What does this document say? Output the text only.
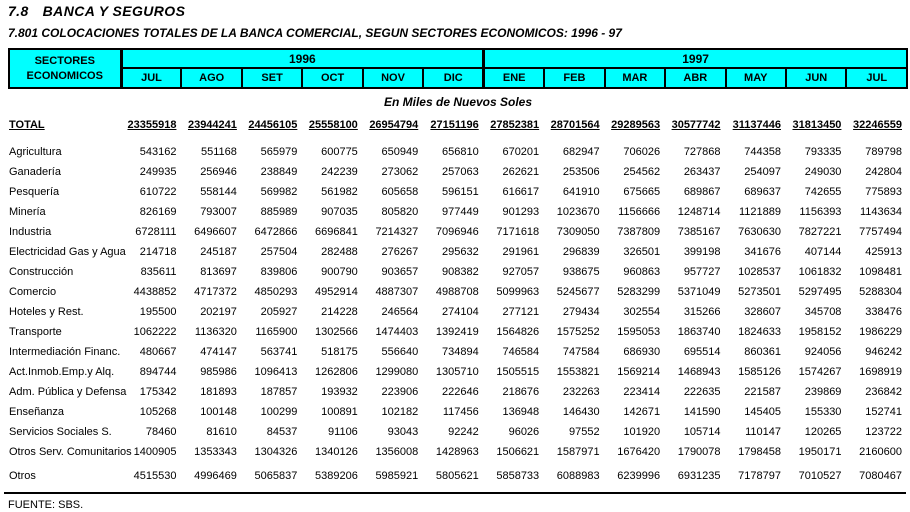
7.8 BANCA Y SEGUROS
7.801 COLOCACIONES TOTALES DE LA BANCA COMERCIAL, SEGUN SECTORES ECONOMICOS: 1996 - 97
SECTORES
ECONOMICOS	1996						1997						
	JUL	AGO	SET	OCT	NOV	DIC	ENE	FEB	MAR	ABR	MAY	JUN	JUL
En Miles de Nuevos Soles													
TOTAL	23355918	23944241	24456105	25558100	26954794	27151196	27852381	28701564	29289563	30577742	31137446	31813450	32246559
Agricultura	543162	551168	565979	600775	650949	656810	670201	682947	706026	727868	744358	793335	789798
Ganadería	249935	256946	238849	242239	273062	257063	262621	253506	254562	263437	254097	249030	242804
Pesquería	610722	558144	569982	561982	605658	596151	616617	641910	675665	689867	689637	742655	775893
Minería	826169	793007	885989	907035	805820	977449	901293	1023670	1156666	1248714	1121889	1156393	1143634
Industria	6728111	6496607	6472866	6696841	7214327	7096946	7171618	7309050	7387809	7385167	7630630	7827221	7757494
Electricidad Gas y Agua	214718	245187	257504	282488	276267	295632	291961	296839	326501	399198	341676	407144	425913
Construcción	835611	813697	839806	900790	903657	908382	927057	938675	960863	957727	1028537	1061832	1098481
Comercio	4438852	4717372	4850293	4952914	4887307	4988708	5099963	5245677	5283299	5371049	5273501	5297495	5288304
Hoteles y Rest.	195500	202197	205927	214228	246564	274104	277121	279434	302554	315266	328607	345708	338476
Transporte	1062222	1136320	1165900	1302566	1474403	1392419	1564826	1575252	1595053	1863740	1824633	1958152	1986229
Intermediación Financ.	480667	474147	563741	518175	556640	734894	746584	747584	686930	695514	860361	924056	946242
Act.Inmob.Emp.y Alq.	894744	985986	1096413	1262806	1299080	1305710	1505515	1553821	1569214	1468943	1585126	1574267	1698919
Adm. Pública y Defensa	175342	181893	187857	193932	223906	222646	218676	232263	223414	222635	221587	239869	236842
Enseñanza	105268	100148	100299	100891	102182	117456	136948	146430	142671	141590	145405	155330	152741
Servicios Sociales S.	78460	81610	84537	91106	93043	92242	96026	97552	101920	105714	110147	120265	123722
Otros Serv. Comunitarios	1400905	1353343	1304326	1340126	1356008	1428963	1506621	1587971	1676420	1790078	1798458	1950171	2160600
Otros	4515530	4996469	5065837	5389206	5985921	5805621	5858733	6088983	6239996	6931235	7178797	7010527	7080467
FUENTE: SBS.
